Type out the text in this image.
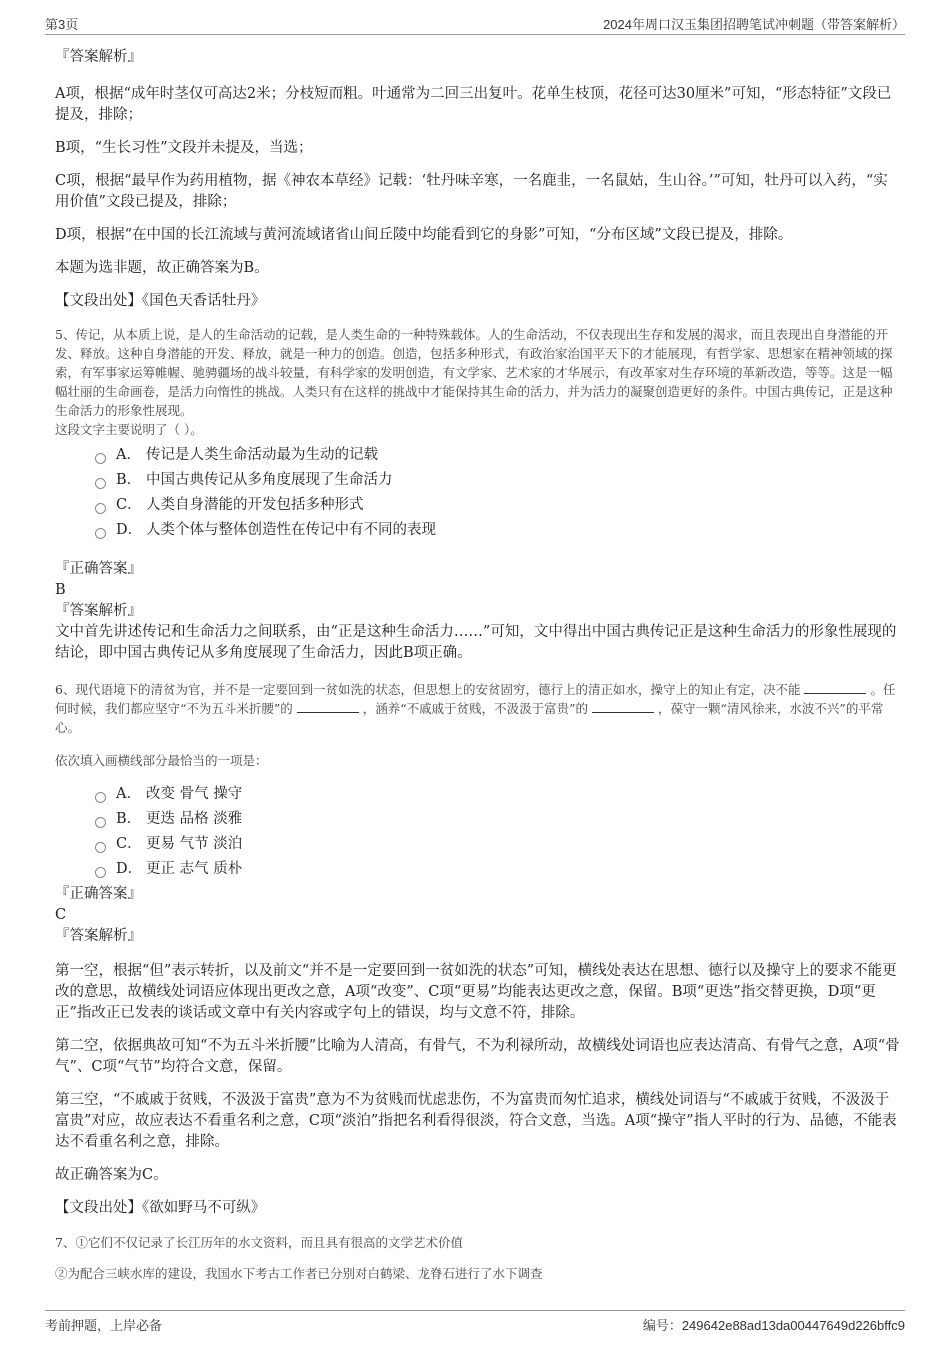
第3页	2024年周口汉玉集团招聘笔试冲刺题（带答案解析）
『答案解析』
A项，根据“成年时茎仅可高达2米；分枝短而粗。叶通常为二回三出复叶。花单生枝顶，花径可达30厘米”可知，“形态特征”文段已提及，排除；
B项，“生长习性”文段并未提及，当选；
C项，根据“最早作为药用植物，据《神农本草经》记载：‘牡丹味辛寒，一名鹿韭，一名鼠姑，生山谷。’”可知，牡丹可以入药，“实用价值”文段已提及，排除；
D项，根据“在中国的长江流域与黄河流域诸省山间丘陵中均能看到它的身影”可知，“分布区域”文段已提及，排除。
本题为选非题，故正确答案为B。
【文段出处】《国色天香话牡丹》
5、传记，从本质上说，是人的生命活动的记载，是人类生命的一种特殊载体。人的生命活动，不仅表现出生存和发展的渴求，而且表现出自身潜能的开发、释放。这种自身潜能的开发、释放，就是一种力的创造。创造，包括多种形式，有政治家治国平天下的才能展现，有哲学家、思想家在精神领域的探索，有军事家运筹帷幄、驰骋疆场的战斗较量，有科学家的发明创造，有文学家、艺术家的才华展示，有改革家对生存环境的革新改造，等等。这是一幅幅壮丽的生命画卷，是活力向惰性的挑战。人类只有在这样的挑战中才能保持其生命的活力，并为活力的凝聚创造更好的条件。中国古典传记，正是这种生命活力的形象性展现。
这段文字主要说明了（ ）。
A． 传记是人类生命活动最为生动的记载
B． 中国古典传记从多角度展现了生命活力
C． 人类自身潜能的开发包括多种形式
D． 人类个体与整体创造性在传记中有不同的表现
『正确答案』
B
『答案解析』
文中首先讲述传记和生命活力之间联系，由“正是这种生命活力……”可知，文中得出中国古典传记正是这种生命活力的形象性展现的结论，即中国古典传记从多角度展现了生命活力，因此B项正确。
6、现代语境下的清贫为官，并不是一定要回到一贫如洗的状态，但思想上的安贫固穷，德行上的清正如水，操守上的知止有定，决不能	。任何时候，我们都应坚守“不为五斗米折腰”的	，涵养“不戚戚于贫贱，不汲汲于富贵”的	，葆守一颗“清风徐来，水波不兴”的平常心。
依次填入画横线部分最恰当的一项是：
A． 改变 骨气 操守
B． 更迭 品格 淡雅
C． 更易 气节 淡泊
D． 更正 志气 质朴
『正确答案』
C
『答案解析』
第一空，根据“但”表示转折，以及前文“并不是一定要回到一贫如洗的状态”可知，横线处表达在思想、德行以及操守上的要求不能更改的意思，故横线处词语应体现出更改之意，A项“改变”、C项“更易”均能表达更改之意，保留。B项“更迭”指交替更换，D项“更正”指改正已发表的谈话或文章中有关内容或字句上的错误，均与文意不符，排除。
第二空，依据典故可知“不为五斗米折腰”比喻为人清高，有骨气，不为利禄所动，故横线处词语也应表达清高、有骨气之意，A项“骨气”、C项“气节”均符合文意，保留。
第三空，“不戚戚于贫贱，不汲汲于富贵”意为不为贫贱而忧虑悲伤，不为富贵而匆忙追求，横线处词语与“不戚戚于贫贱，不汲汲于富贵”对应，故应表达不看重名利之意，C项“淡泊”指把名利看得很淡，符合文意，当选。A项“操守”指人平时的行为、品德，不能表达不看重名利之意，排除。
故正确答案为C。
【文段出处】《欲如野马不可纵》
7、①它们不仅记录了长江历年的水文资料，而且具有很高的文学艺术价值
②为配合三峡水库的建设，我国水下考古工作者已分别对白鹤梁、龙脊石进行了水下调查
考前押题，上岸必备	编号：249642e88ad13da00447649d226bffc9
